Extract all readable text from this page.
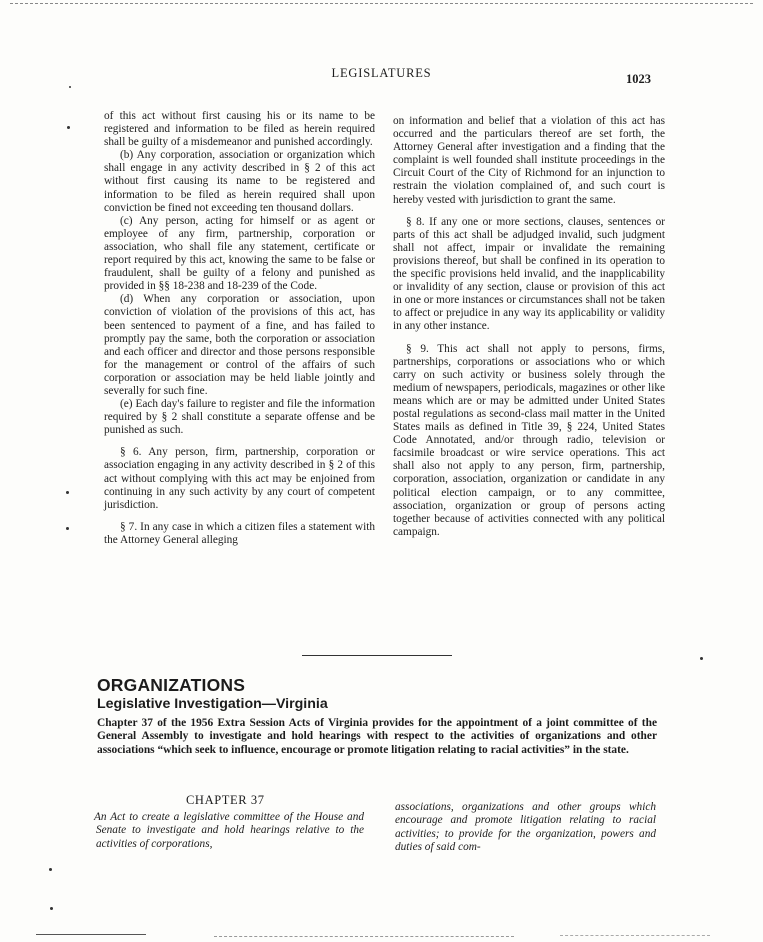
LEGISLATURES	1023

of this act without first causing his or its name to be registered and information to be filed as herein required shall be guilty of a misdemeanor and punished accordingly.

(b) Any corporation, association or organization which shall engage in any activity described in § 2 of this act without first causing its name to be registered and information to be filed as herein required shall upon conviction be fined not exceeding ten thousand dollars.

(c) Any person, acting for himself or as agent or employee of any firm, partnership, corporation or association, who shall file any statement, certificate or report required by this act, knowing the same to be false or fraudulent, shall be guilty of a felony and punished as provided in §§ 18-238 and 18-239 of the Code.

(d) When any corporation or association, upon conviction of violation of the provisions of this act, has been sentenced to payment of a fine, and has failed to promptly pay the same, both the corporation or association and each officer and director and those persons responsible for the management or control of the affairs of such corporation or association may be held liable jointly and severally for such fine.

(e) Each day's failure to register and file the information required by § 2 shall constitute a separate offense and be punished as such.

§ 6. Any person, firm, partnership, corporation or association engaging in any activity described in § 2 of this act without complying with this act may be enjoined from continuing in any such activity by any court of competent jurisdiction.

§ 7. In any case in which a citizen files a statement with the Attorney General alleging

on information and belief that a violation of this act has occurred and the particulars thereof are set forth, the Attorney General after investigation and a finding that the complaint is well founded shall institute proceedings in the Circuit Court of the City of Richmond for an injunction to restrain the violation complained of, and such court is hereby vested with jurisdiction to grant the same.

§ 8. If any one or more sections, clauses, sentences or parts of this act shall be adjudged invalid, such judgment shall not affect, impair or invalidate the remaining provisions thereof, but shall be confined in its operation to the specific provisions held invalid, and the inapplicability or invalidity of any section, clause or provision of this act in one or more instances or circumstances shall not be taken to affect or prejudice in any way its applicability or validity in any other instance.

§ 9. This act shall not apply to persons, firms, partnerships, corporations or associations who or which carry on such activity or business solely through the medium of newspapers, periodicals, magazines or other like means which are or may be admitted under United States postal regulations as second-class mail matter in the United States mails as defined in Title 39, § 224, United States Code Annotated, and/or through radio, television or facsimile broadcast or wire service operations. This act shall also not apply to any person, firm, partnership, corporation, association, organization or candidate in any political election campaign, or to any committee, association, organization or group of persons acting together because of activities connected with any political campaign.

ORGANIZATIONS
Legislative Investigation—Virginia
Chapter 37 of the 1956 Extra Session Acts of Virginia provides for the appointment of a joint committee of the General Assembly to investigate and hold hearings with respect to the activities of organizations and other associations “which seek to influence, encourage or promote litigation relating to racial activities” in the state.
CHAPTER 37
An Act to create a legislative committee of the House and Senate to investigate and hold hearings relative to the activities of corporations,
associations, organizations and other groups which encourage and promote litigation relating to racial activities; to provide for the organization, powers and duties of said com-
